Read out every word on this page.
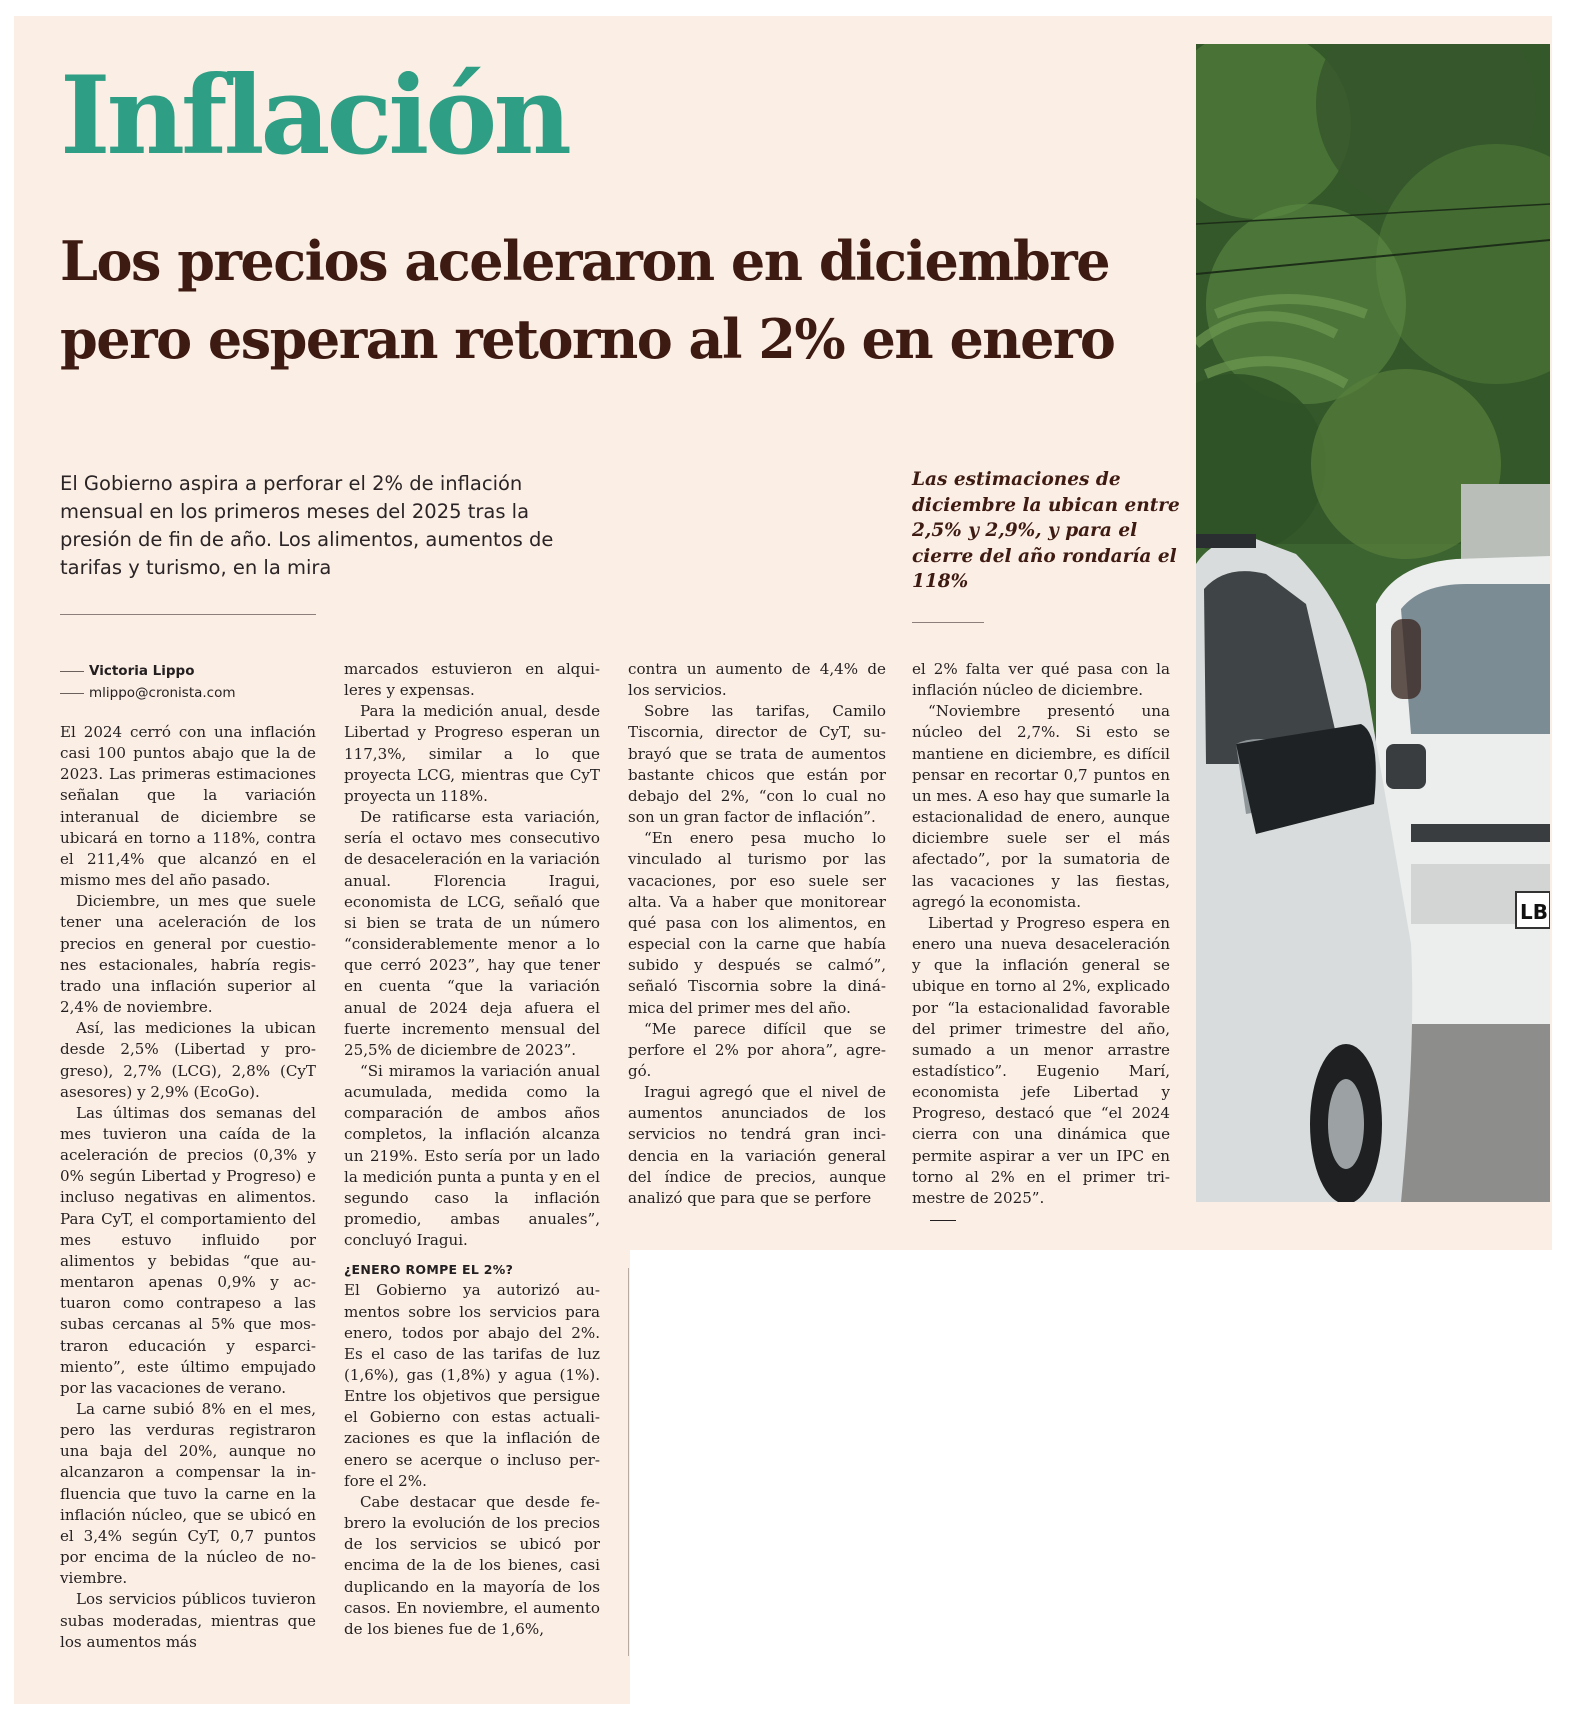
Inflación
Los precios aceleraron en diciembre
pero esperan retorno al 2% en enero

El Gobierno aspira a perforar el 2% de inflación mensual en los primeros meses del 2025 tras la presión de fin de año. Los alimentos, aumentos de tarifas y turismo, en la mira

Las estimaciones de diciembre la ubican entre 2,5% y 2,9%, y para el cierre del año rondaría el 118%

Victoria Lippo
mlippo@cronista.com

El 2024 cerró con una inflación casi 100 puntos abajo que la de 2023. Las primeras estimaciones señalan que la variación interanual de diciembre se ubicará en torno a 118%, contra el 211,4% que alcanzó en el mismo mes del año pasado.

Diciembre, un mes que suele tener una aceleración de los precios en general por cuestiones estacionales, habría registrado una inflación superior al 2,4% de noviembre.

Así, las mediciones la ubican desde 2,5% (Libertad y progreso), 2,7% (LCG), 2,8% (CyT asesores) y 2,9% (EcoGo).

Las últimas dos semanas del mes tuvieron una caída de la aceleración de precios (0,3% y 0% según Libertad y Progreso) e incluso negativas en alimentos. Para CyT, el comportamiento del mes estuvo influido por alimentos y bebidas “que aumentaron apenas 0,9% y actuaron como contrapeso a las subas cercanas al 5% que mostraron educación y esparcimiento”, este último empujado por las vacaciones de verano.

La carne subió 8% en el mes, pero las verduras registraron una baja del 20%, aunque no alcanzaron a compensar la influencia que tuvo la carne en la inflación núcleo, que se ubicó en el 3,4% según CyT, 0,7 puntos por encima de la núcleo de noviembre.

Los servicios públicos tuvieron subas moderadas, mientras que los aumentos más

marcados estuvieron en alquileres y expensas.

Para la medición anual, desde Libertad y Progreso esperan un 117,3%, similar a lo que proyecta LCG, mientras que CyT proyecta un 118%.

De ratificarse esta variación, sería el octavo mes consecutivo de desaceleración en la variación anual. Florencia Iragui, economista de LCG, señaló que si bien se trata de un número “considerablemente menor a lo que cerró 2023”, hay que tener en cuenta “que la variación anual de 2024 deja afuera el fuerte incremento mensual del 25,5% de diciembre de 2023”.

“Si miramos la variación anual acumulada, medida como la comparación de ambos años completos, la inflación alcanza un 219%. Esto sería por un lado la medición punta a punta y en el segundo caso la inflación promedio, ambas anuales”, concluyó Iragui.

¿ENERO ROMPE EL 2%?

El Gobierno ya autorizó aumentos sobre los servicios para enero, todos por abajo del 2%. Es el caso de las tarifas de luz (1,6%), gas (1,8%) y agua (1%). Entre los objetivos que persigue el Gobierno con estas actualizaciones es que la inflación de enero se acerque o incluso perfore el 2%.

Cabe destacar que desde febrero la evolución de los precios de los servicios se ubicó por encima de la de los bienes, casi duplicando en la mayoría de los casos. En noviembre, el aumento de los bienes fue de 1,6%,

contra un aumento de 4,4% de los servicios.

Sobre las tarifas, Camilo Tiscornia, director de CyT, subrayó que se trata de aumentos bastante chicos que están por debajo del 2%, “con lo cual no son un gran factor de inflación”.

“En enero pesa mucho lo vinculado al turismo por las vacaciones, por eso suele ser alta. Va a haber que monitorear qué pasa con los alimentos, en especial con la carne que había subido y después se calmó”, señaló Tiscornia sobre la dinámica del primer mes del año.

“Me parece difícil que se perfore el 2% por ahora”, agregó.

Iragui agregó que el nivel de aumentos anunciados de los servicios no tendrá gran incidencia en la variación general del índice de precios, aunque analizó que para que se perfore

el 2% falta ver qué pasa con la inflación núcleo de diciembre.

“Noviembre presentó una núcleo del 2,7%. Si esto se mantiene en diciembre, es difícil pensar en recortar 0,7 puntos en un mes. A eso hay que sumarle la estacionalidad de enero, aunque diciembre suele ser el más afectado”, por la sumatoria de las vacaciones y las fiestas, agregó la economista.

Libertad y Progreso espera en enero una nueva desaceleración y que la inflación general se ubique en torno al 2%, explicado por “la estacionalidad favorable del primer trimestre del año, sumado a un menor arrastre estadístico”. Eugenio Marí, economista jefe Libertad y Progreso, destacó que “el 2024 cierra con una dinámica que permite aspirar a ver un IPC en torno al 2% en el primer trimestre de 2025”.

LB
